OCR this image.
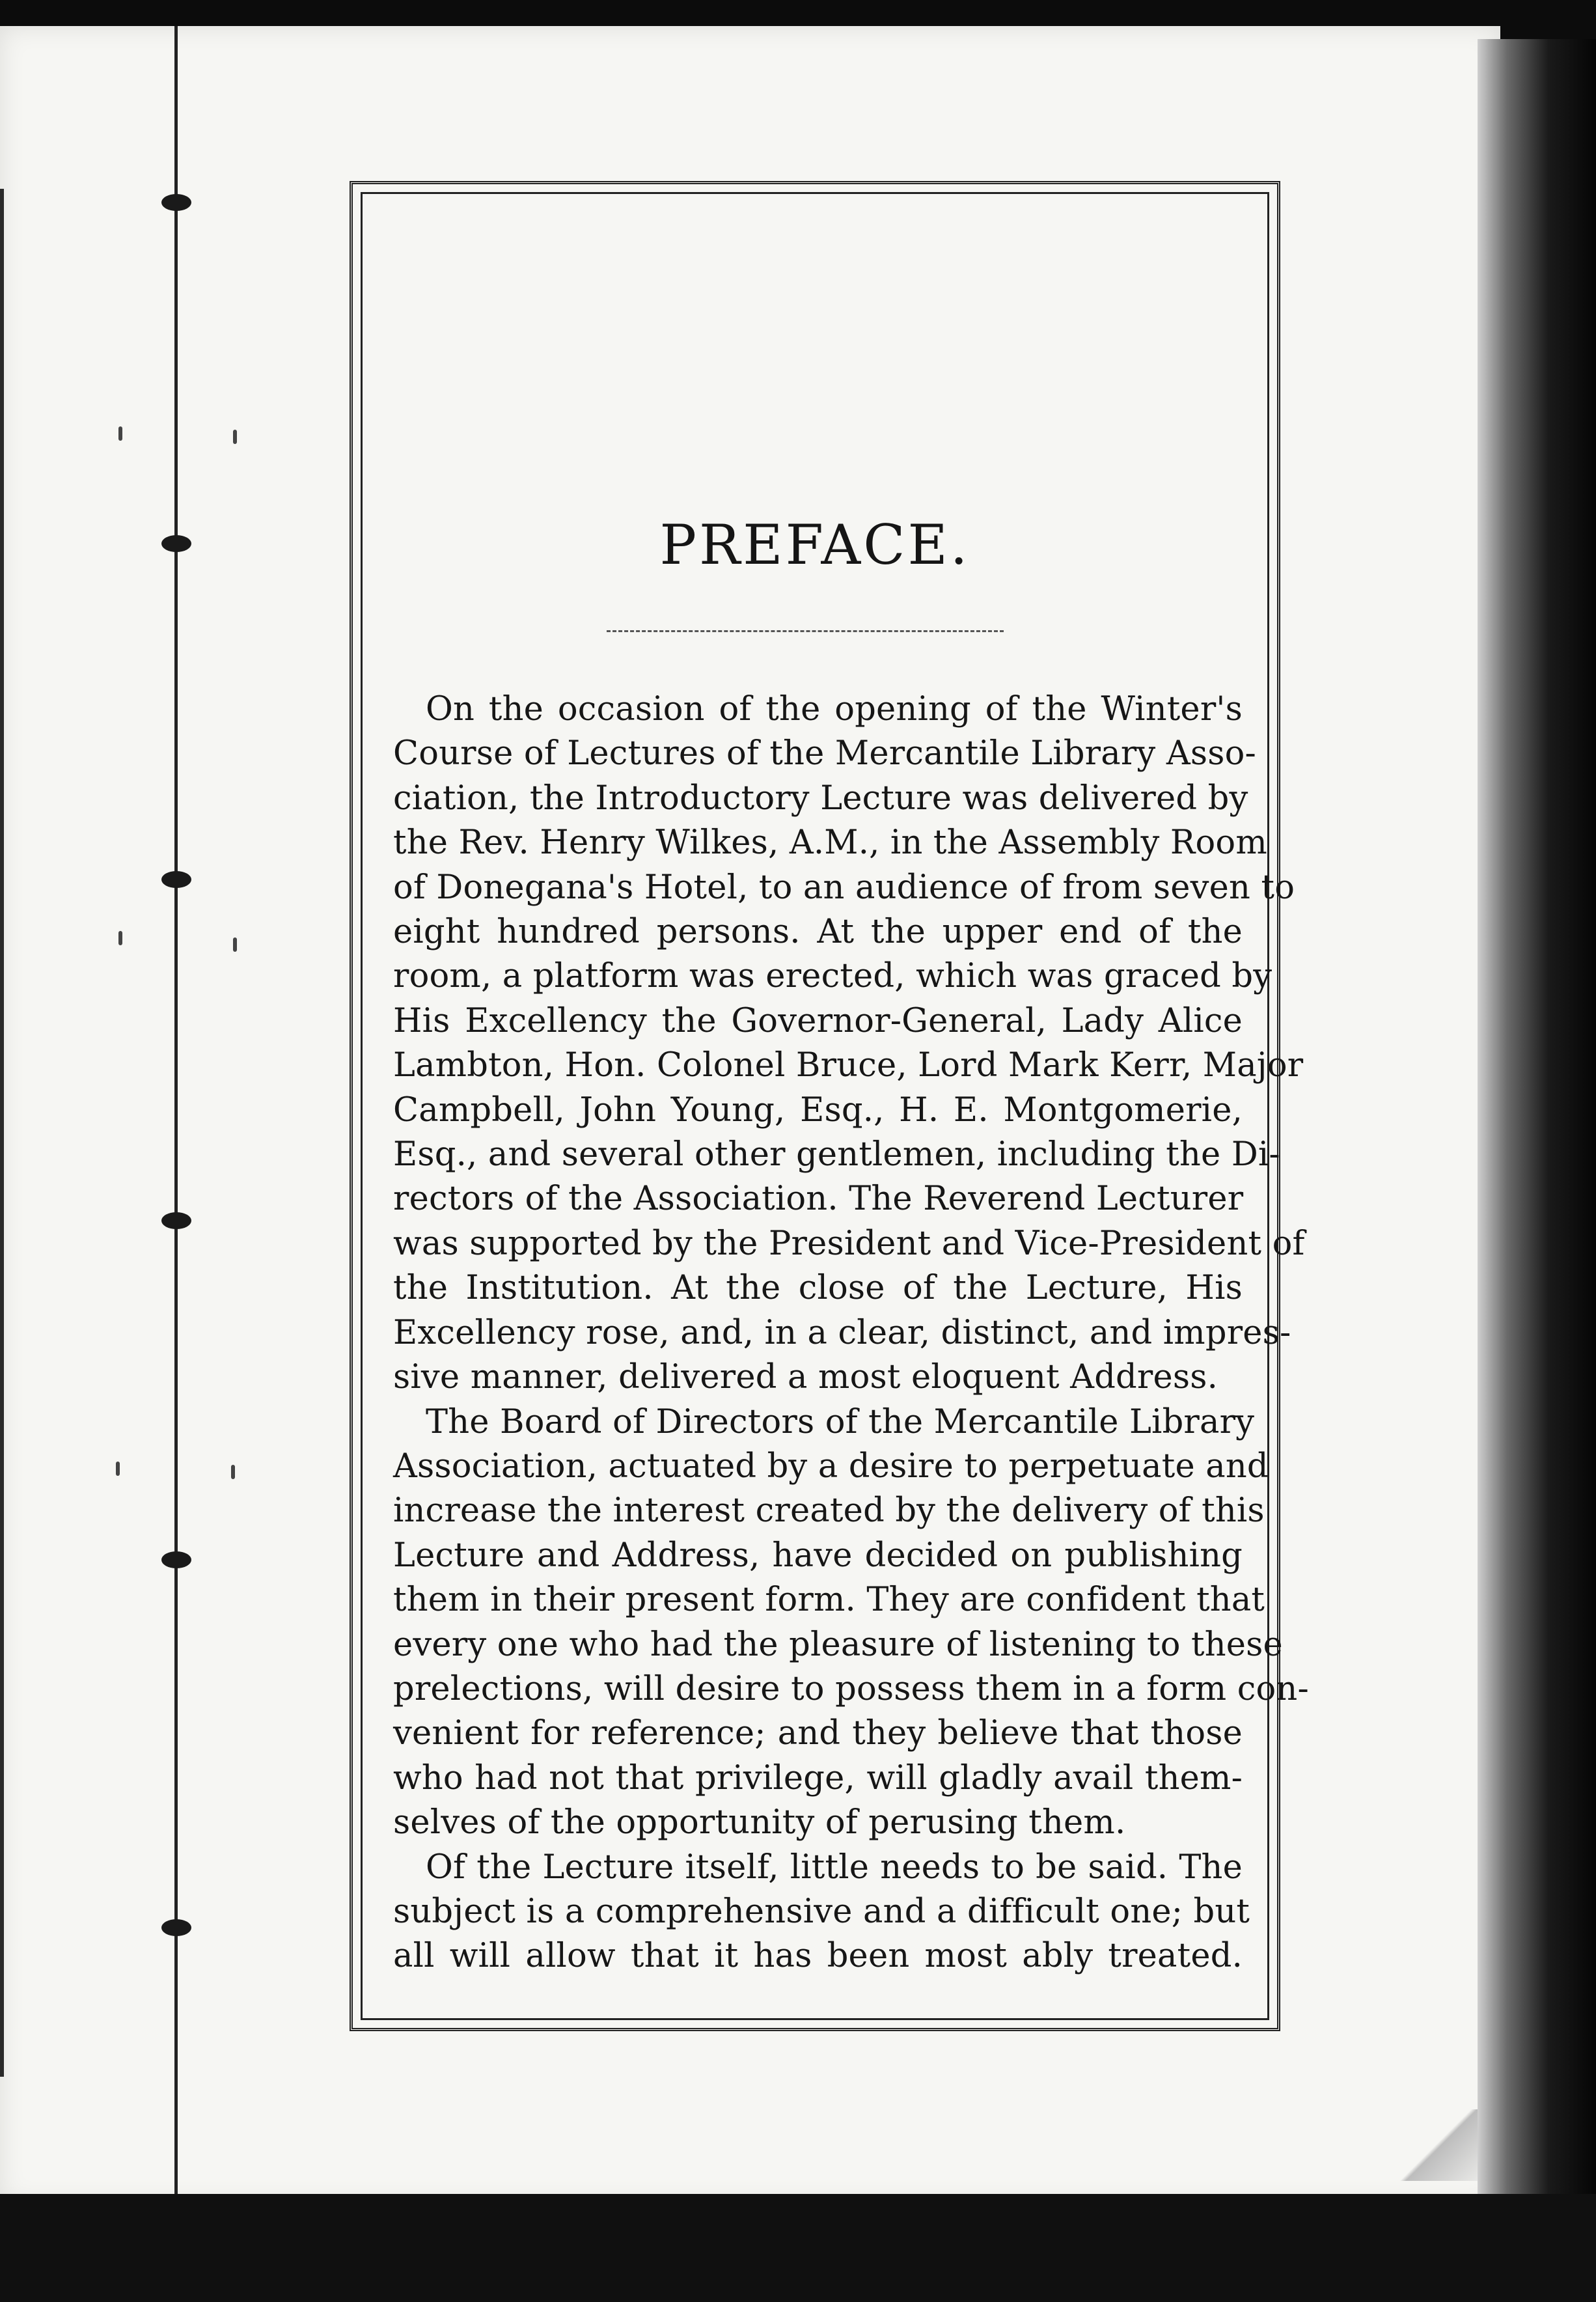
PREFACE.

On the occasion of the opening of the Winter's
Course of Lectures of the Mercantile Library Asso-
ciation, the Introductory Lecture was delivered by
the Rev. Henry Wilkes, A.M., in the Assembly Room
of Donegana's Hotel, to an audience of from seven to
eight hundred persons. At the upper end of the
room, a platform was erected, which was graced by
His Excellency the Governor-General, Lady Alice
Lambton, Hon. Colonel Bruce, Lord Mark Kerr, Major
Campbell, John Young, Esq., H. E. Montgomerie,
Esq., and several other gentlemen, including the Di-
rectors of the Association. The Reverend Lecturer
was supported by the President and Vice-President of
the Institution. At the close of the Lecture, His
Excellency rose, and, in a clear, distinct, and impres-
sive manner, delivered a most eloquent Address.

The Board of Directors of the Mercantile Library
Association, actuated by a desire to perpetuate and
increase the interest created by the delivery of this
Lecture and Address, have decided on publishing
them in their present form. They are confident that
every one who had the pleasure of listening to these
prelections, will desire to possess them in a form con-
venient for reference; and they believe that those
who had not that privilege, will gladly avail them-
selves of the opportunity of perusing them.

Of the Lecture itself, little needs to be said. The
subject is a comprehensive and a difficult one; but
all will allow that it has been most ably treated.
